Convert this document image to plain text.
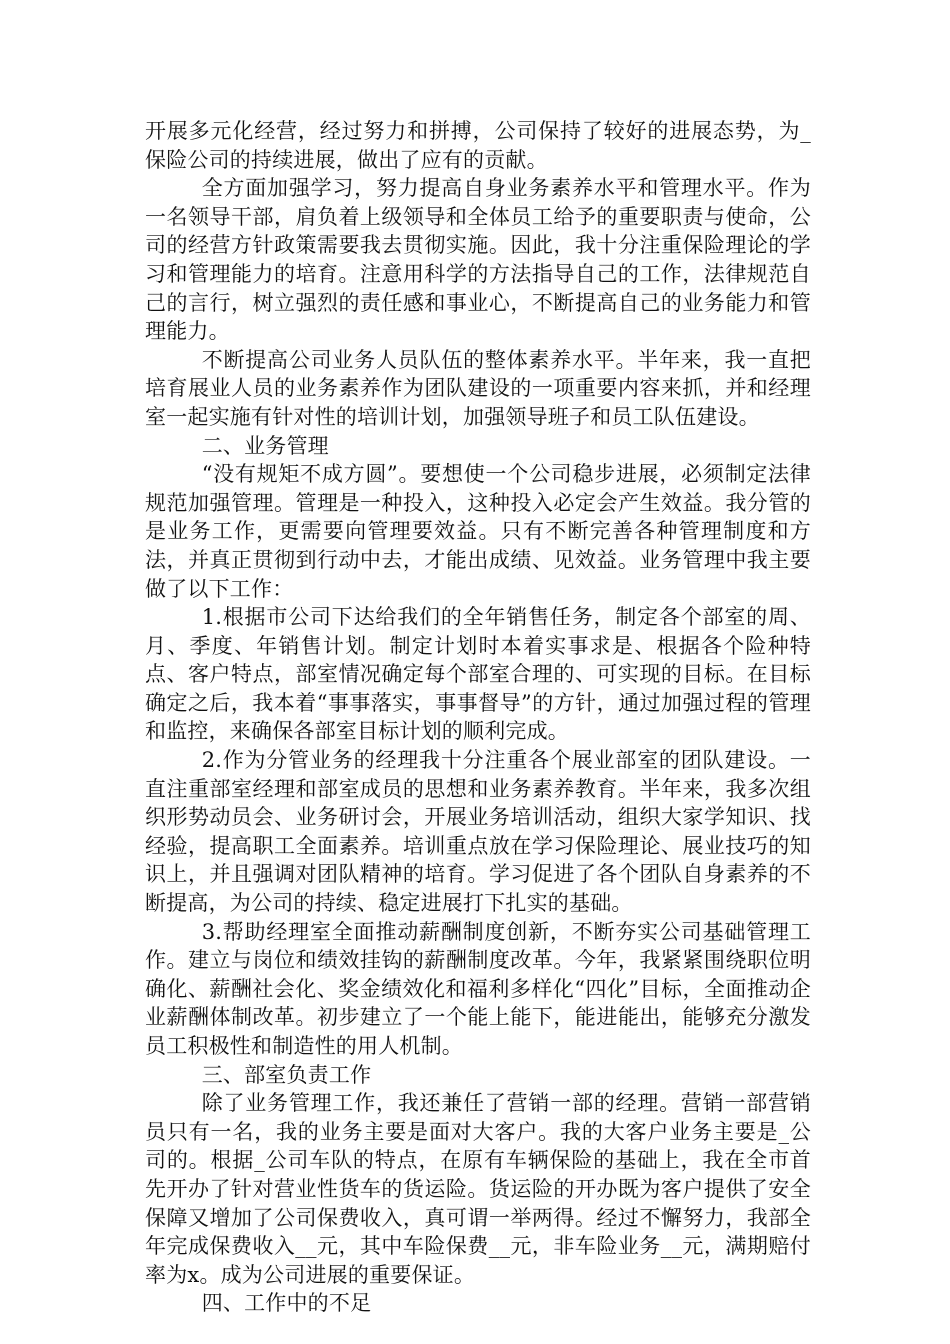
开展多元化经营，经过努力和拼搏，公司保持了较好的进展态势，为_保险公司的持续进展，做出了应有的贡献。

全方面加强学习，努力提高自身业务素养水平和管理水平。作为一名领导干部，肩负着上级领导和全体员工给予的重要职责与使命，公司的经营方针政策需要我去贯彻实施。因此，我十分注重保险理论的学习和管理能力的培育。注意用科学的方法指导自己的工作，法律规范自己的言行，树立强烈的责任感和事业心，不断提高自己的业务能力和管理能力。

不断提高公司业务人员队伍的整体素养水平。半年来，我一直把培育展业人员的业务素养作为团队建设的一项重要内容来抓，并和经理室一起实施有针对性的培训计划，加强领导班子和员工队伍建设。

二、业务管理

“没有规矩不成方圆”。要想使一个公司稳步进展，必须制定法律规范加强管理。管理是一种投入，这种投入必定会产生效益。我分管的是业务工作，更需要向管理要效益。只有不断完善各种管理制度和方法，并真正贯彻到行动中去，才能出成绩、见效益。业务管理中我主要做了以下工作：

1.根据市公司下达给我们的全年销售任务，制定各个部室的周、月、季度、年销售计划。制定计划时本着实事求是、根据各个险种特点、客户特点，部室情况确定每个部室合理的、可实现的目标。在目标确定之后，我本着“事事落实，事事督导”的方针，通过加强过程的管理和监控，来确保各部室目标计划的顺利完成。

2.作为分管业务的经理我十分注重各个展业部室的团队建设。一直注重部室经理和部室成员的思想和业务素养教育。半年来，我多次组织形势动员会、业务研讨会，开展业务培训活动，组织大家学知识、找经验，提高职工全面素养。培训重点放在学习保险理论、展业技巧的知识上，并且强调对团队精神的培育。学习促进了各个团队自身素养的不断提高，为公司的持续、稳定进展打下扎实的基础。

3.帮助经理室全面推动薪酬制度创新，不断夯实公司基础管理工作。建立与岗位和绩效挂钩的薪酬制度改革。今年，我紧紧围绕职位明确化、薪酬社会化、奖金绩效化和福利多样化“四化”目标，全面推动企业薪酬体制改革。初步建立了一个能上能下，能进能出，能够充分激发员工积极性和制造性的用人机制。

三、部室负责工作

除了业务管理工作，我还兼任了营销一部的经理。营销一部营销员只有一名，我的业务主要是面对大客户。我的大客户业务主要是_公司的。根据_公司车队的特点，在原有车辆保险的基础上，我在全市首先开办了针对营业性货车的货运险。货运险的开办既为客户提供了安全保障又增加了公司保费收入，真可谓一举两得。经过不懈努力，我部全年完成保费收入__元，其中车险保费__元，非车险业务__元，满期赔付率为x。成为公司进展的重要保证。

四、工作中的不足
